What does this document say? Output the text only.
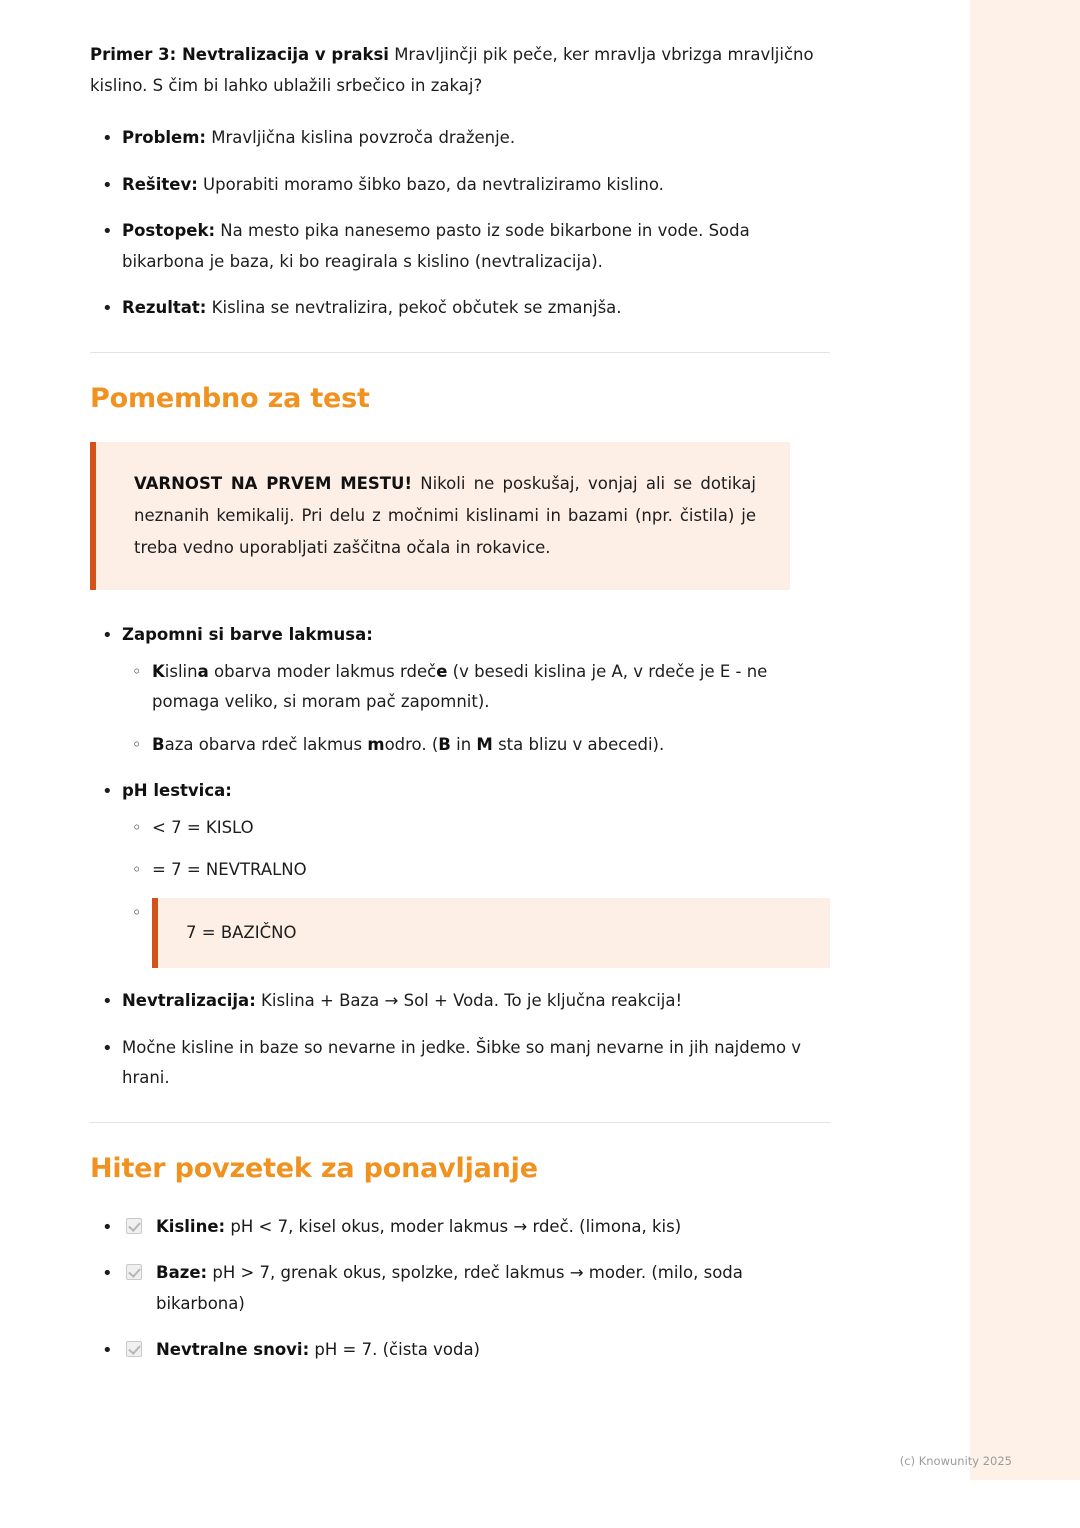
Primer 3: Nevtralizacija v praksi Mravljinčji pik peče, ker mravlja vbrizga mravljično kislino. S čim bi lahko ublažili srbečico in zakaj?

• Problem: Mravljična kislina povzroča draženje.
• Rešitev: Uporabiti moramo šibko bazo, da nevtraliziramo kislino.
• Postopek: Na mesto pika nanesemo pasto iz sode bikarbone in vode. Soda bikarbona je baza, ki bo reagirala s kislino (nevtralizacija).
• Rezultat: Kislina se nevtralizira, pekoč občutek se zmanjša.
Pomembno za test

VARNOST NA PRVEM MESTU! Nikoli ne poskušaj, vonjaj ali se dotikaj neznanih kemikalij. Pri delu z močnimi kislinami in bazami (npr. čistila) je treba vedno uporabljati zaščitna očala in rokavice.

• Zapomni si barve lakmusa:
◦ Kislina obarva moder lakmus rdeče (v besedi kislina je A, v rdeče je E - ne pomaga veliko, si moram pač zapomnit).
◦ Baza obarva rdeč lakmus modro. (B in M sta blizu v abecedi).
• pH lestvica:
◦ < 7 = KISLO
◦ = 7 = NEVTRALNO
◦ 7 = BAZIČNO
• Nevtralizacija: Kislina + Baza → Sol + Voda. To je ključna reakcija!
• Močne kisline in baze so nevarne in jedke. Šibke so manj nevarne in jih najdemo v hrani.
Hiter povzetek za ponavljanje
• Kisline: pH < 7, kisel okus, moder lakmus → rdeč. (limona, kis)
• Baze: pH > 7, grenak okus, spolzke, rdeč lakmus → moder. (milo, soda bikarbona)
• Nevtralne snovi: pH = 7. (čista voda)
(c) Knowunity 2025
